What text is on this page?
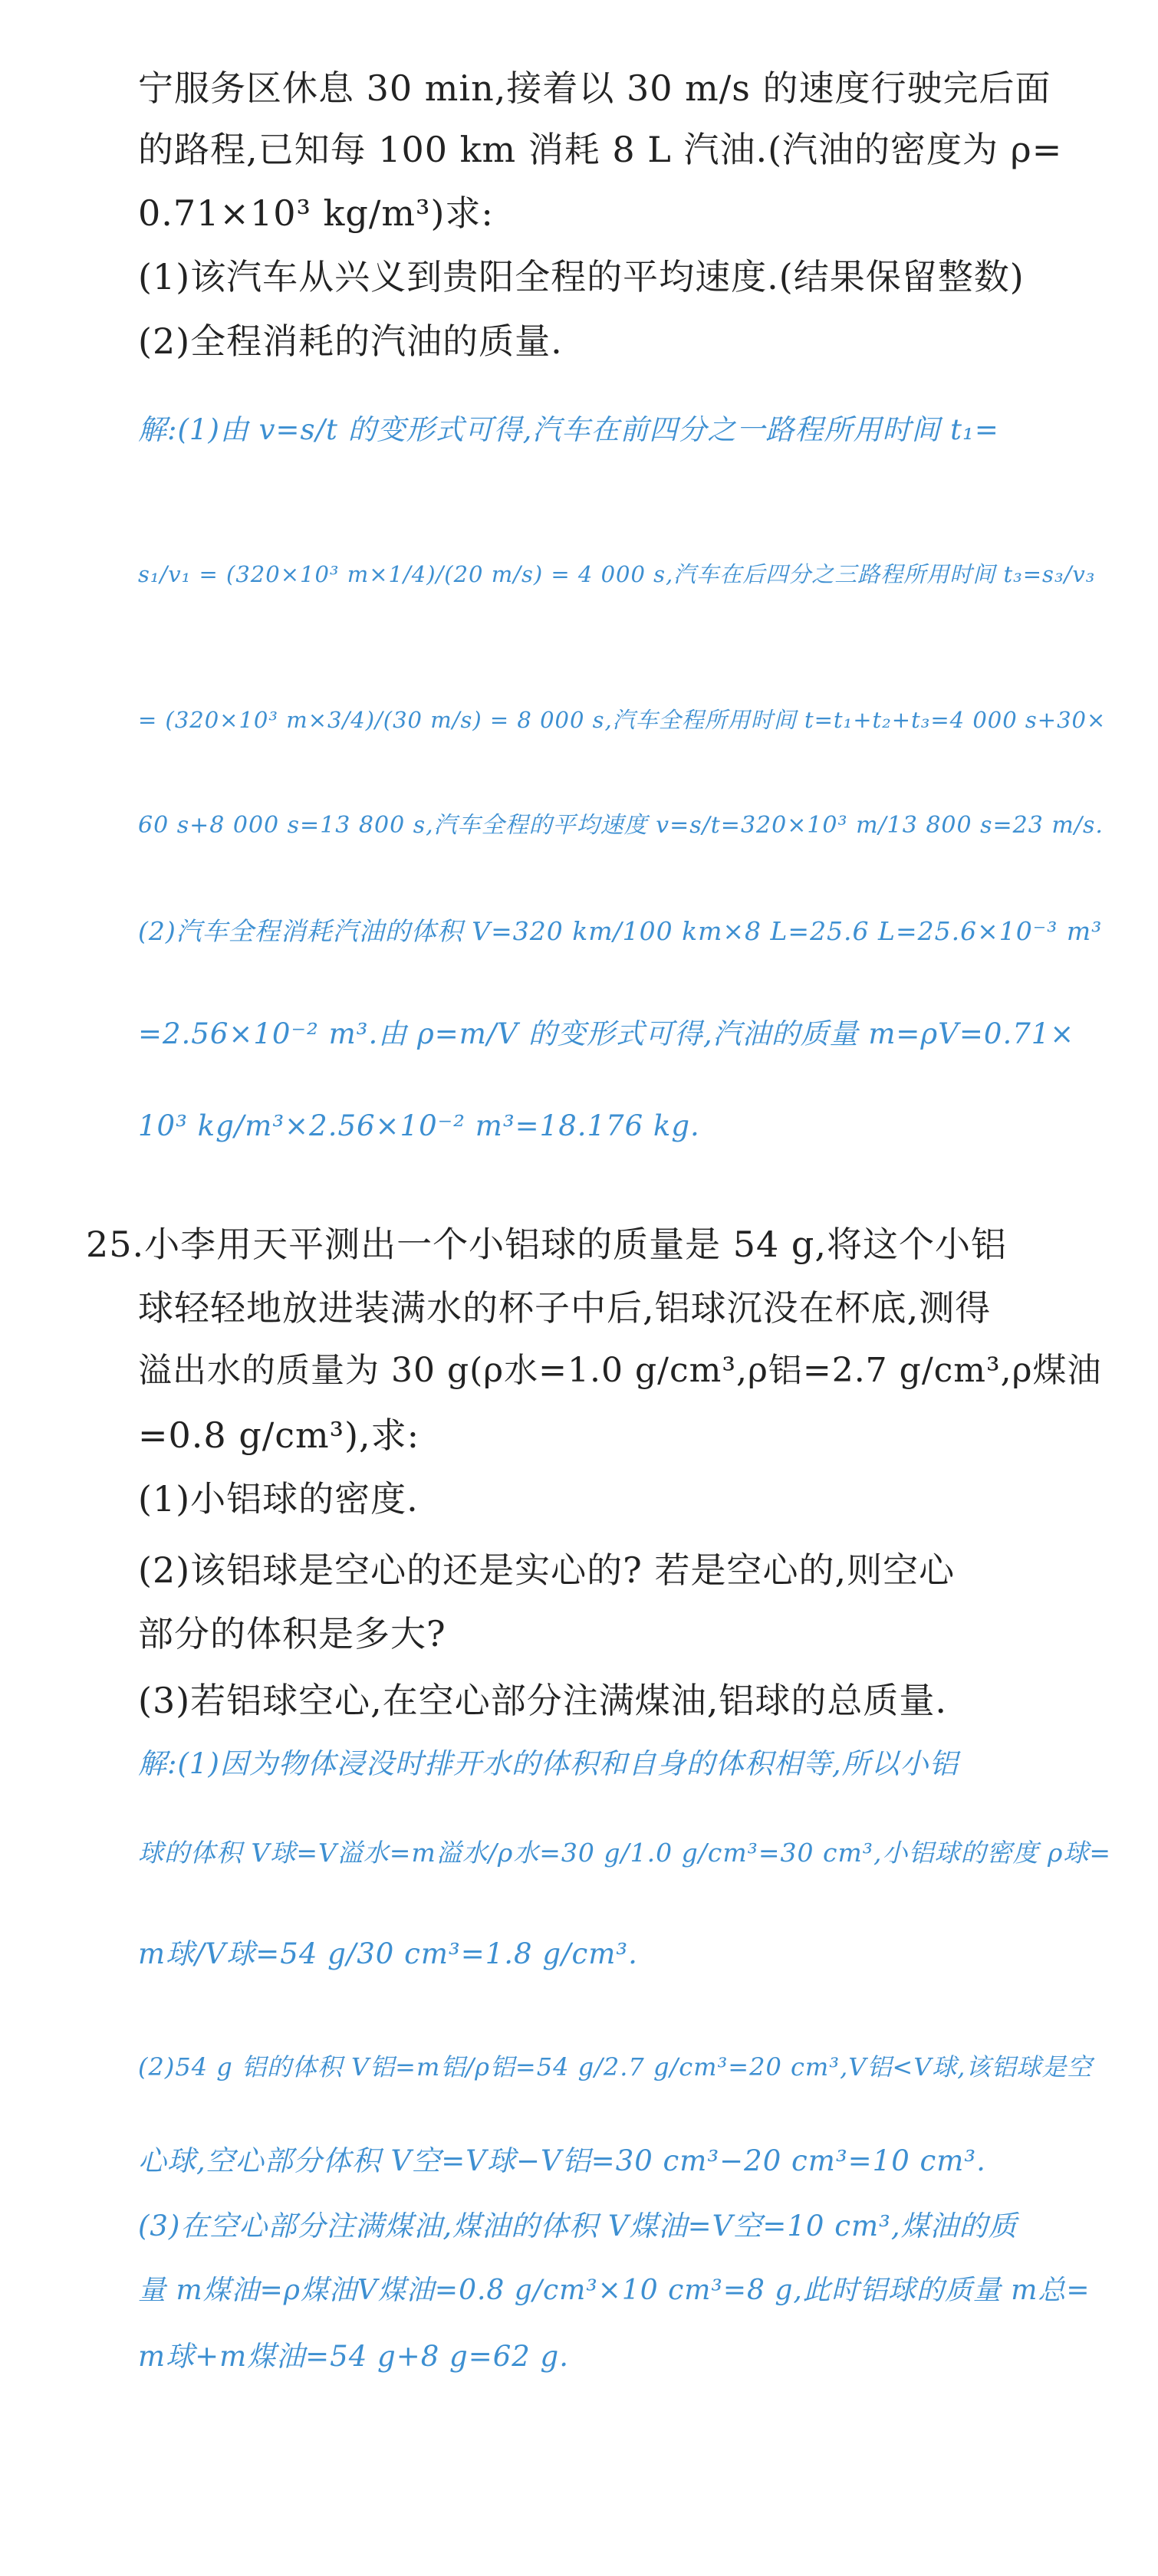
宁服务区休息 30 min,接着以 30 m/s 的速度行驶完后面
的路程,已知每 100 km 消耗 8 L 汽油.(汽油的密度为 ρ=
0.71×10³ kg/m³)求:
(1)该汽车从兴义到贵阳全程的平均速度.(结果保留整数)
(2)全程消耗的汽油的质量.
解:(1)由 v=s/t 的变形式可得,汽车在前四分之一路程所用时间 t₁=
s₁/v₁ = (320×10³ m×1/4)/(20 m/s) = 4 000 s,汽车在后四分之三路程所用时间 t₃=s₃/v₃
= (320×10³ m×3/4)/(30 m/s) = 8 000 s,汽车全程所用时间 t=t₁+t₂+t₃=4 000 s+30×
60 s+8 000 s=13 800 s,汽车全程的平均速度 v=s/t=320×10³ m/13 800 s=23 m/s.
(2)汽车全程消耗汽油的体积 V=320 km/100 km×8 L=25.6 L=25.6×10⁻³ m³
=2.56×10⁻² m³.由 ρ=m/V 的变形式可得,汽油的质量 m=ρV=0.71×
10³ kg/m³×2.56×10⁻² m³=18.176 kg.
25.小李用天平测出一个小铝球的质量是 54 g,将这个小铝
球轻轻地放进装满水的杯子中后,铝球沉没在杯底,测得
溢出水的质量为 30 g(ρ水=1.0 g/cm³,ρ铝=2.7 g/cm³,ρ煤油
=0.8 g/cm³),求:
(1)小铝球的密度.
(2)该铝球是空心的还是实心的? 若是空心的,则空心
部分的体积是多大?
(3)若铝球空心,在空心部分注满煤油,铝球的总质量.
解:(1)因为物体浸没时排开水的体积和自身的体积相等,所以小铝
球的体积 V球=V溢水=m溢水/ρ水=30 g/1.0 g/cm³=30 cm³,小铝球的密度 ρ球=
m球/V球=54 g/30 cm³=1.8 g/cm³.
(2)54 g 铝的体积 V铝=m铝/ρ铝=54 g/2.7 g/cm³=20 cm³,V铝<V球,该铝球是空
心球,空心部分体积 V空=V球−V铝=30 cm³−20 cm³=10 cm³.
(3)在空心部分注满煤油,煤油的体积 V煤油=V空=10 cm³,煤油的质
量 m煤油=ρ煤油V煤油=0.8 g/cm³×10 cm³=8 g,此时铝球的质量 m总=
m球+m煤油=54 g+8 g=62 g.
